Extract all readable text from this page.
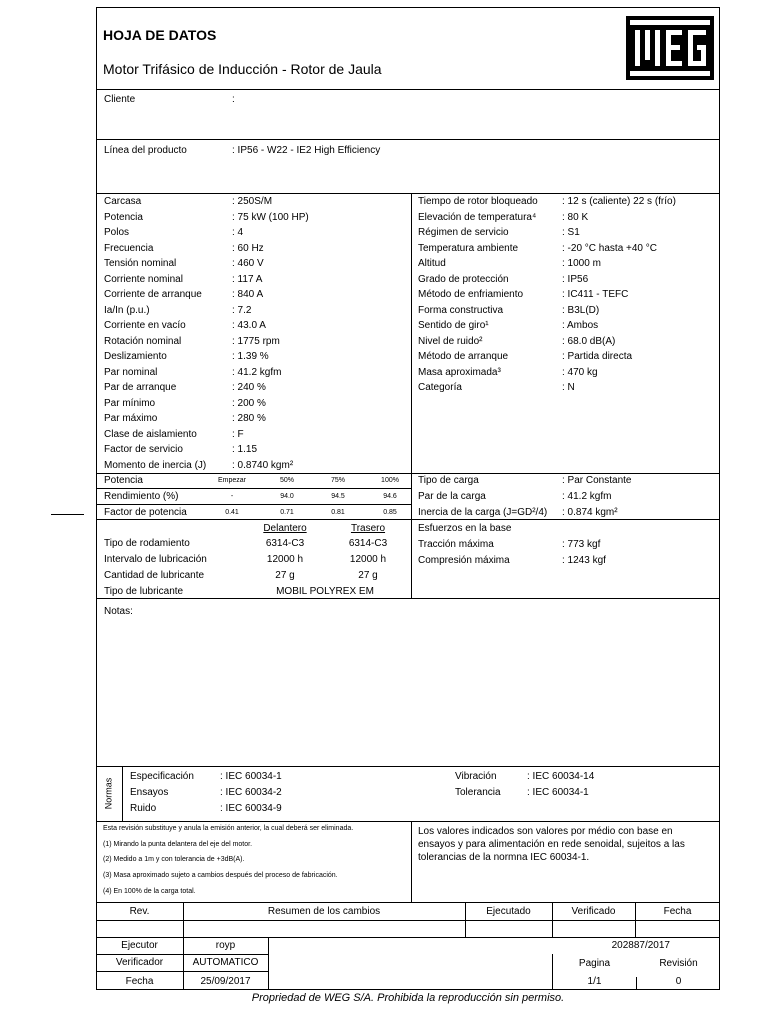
HOJA DE DATOS
Motor Trifásico de Inducción - Rotor de Jaula
Cliente	:
Línea del producto	: IP56 - W22 - IE2 High Efficiency
Carcasa	: 250S/M
Potencia	: 75 kW (100 HP)
Polos	: 4
Frecuencia	: 60 Hz
Tensión nominal	: 460 V
Corriente nominal	: 117 A
Corriente de arranque	: 840 A
Ia/In (p.u.)	: 7.2
Corriente en vacío	: 43.0 A
Rotación nominal	: 1775 rpm
Deslizamiento	: 1.39 %
Par nominal	: 41.2 kgfm
Par de arranque	: 240 %
Par mínimo	: 200 %
Par máximo	: 280 %
Clase de aislamiento	: F
Factor de servicio	: 1.15
Momento de inercia (J)	: 0.8740 kgm²
Tiempo de rotor bloqueado : 12 s (caliente) 22 s (frío)
Elevación de temperatura⁴	: 80 K
Régimen de servicio	: S1
Temperatura ambiente	: -20 °C hasta +40 °C
Altitud	: 1000 m
Grado de protección	: IP56
Método de enfriamiento	: IC411 - TEFC
Forma constructiva	: B3L(D)
Sentido de giro¹	: Ambos
Nivel de ruido²	: 68.0 dB(A)
Método de arranque	: Partida directa
Masa aproximada³	: 470 kg
Categoría	: N
Potencia	Empezar	50%	75%	100%
Rendimiento (%)	-	94.0	94.5	94.6
Factor de potencia	0.41	0.71	0.81	0.85
Tipo de carga	: Par Constante
Par de la carga	: 41.2 kgfm
Inercia de la carga (J=GD²/4) : 0.874 kgm²
Delantero	Trasero
Tipo de rodamiento	6314-C3	6314-C3
Intervalo de lubricación	12000 h	12000 h
Cantidad de lubricante	27 g	27 g
Tipo de lubricante	MOBIL POLYREX EM
Esfuerzos en la base
Tracción máxima	: 773 kgf
Compresión máxima	: 1243 kgf
Notas:
Normas
Especificación	: IEC 60034-1
Ensayos	: IEC 60034-2
Ruido	: IEC 60034-9
Vibración	: IEC 60034-14
Tolerancia	: IEC 60034-1
Esta revisión substituye y anula la emisión anterior, la cual deberá ser eliminada.
(1) Mirando la punta delantera del eje del motor.
(2) Medido a 1m y con tolerancia de +3dB(A).
(3) Masa aproximado sujeto a cambios después del proceso de fabricación.
(4) En 100% de la carga total.
Los valores indicados son valores por médio con base en
ensayos y para alimentación en rede senoidal, sujeitos a las
tolerancias de la normna IEC 60034-1.
Rev.	Resumen de los cambios	Ejecutado	Verificado	Fecha
Ejecutor	royp
Verificador	AUTOMATICO
Fecha	25/09/2017
202887/2017
Pagina
1/1
Revisión
0
Propriedad de WEG S/A. Prohibida la reproducción sin permiso.
